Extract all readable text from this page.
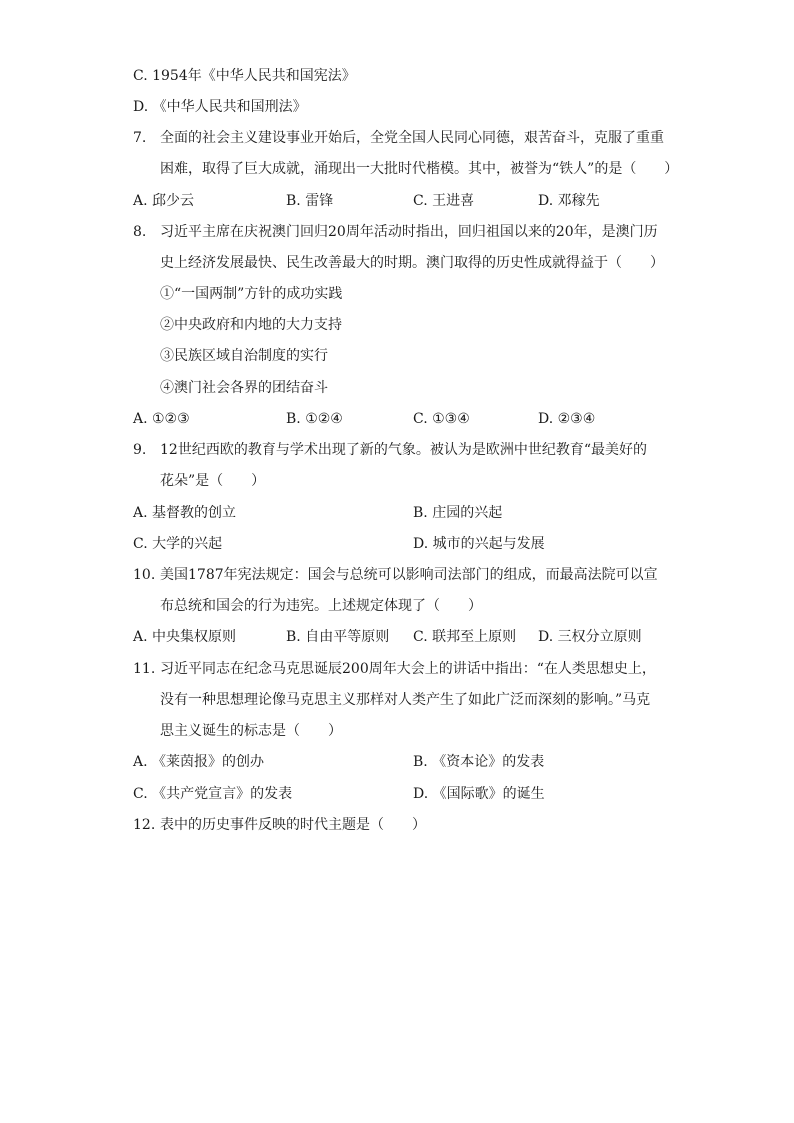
C. 1954年《中华人民共和国宪法》
D. 《中华人民共和国刑法》
7. 全面的社会主义建设事业开始后，全党全国人民同心同德，艰苦奋斗，克服了重重
困难，取得了巨大成就，涌现出一大批时代楷模。其中，被誉为“铁人”的是（　　）
A. 邱少云	B. 雷锋	C. 王进喜	D. 邓稼先
8. 习近平主席在庆祝澳门回归20周年活动时指出，回归祖国以来的20年，是澳门历
史上经济发展最快、民生改善最大的时期。澳门取得的历史性成就得益于（　　）
①“一国两制”方针的成功实践
②中央政府和内地的大力支持
③民族区域自治制度的实行
④澳门社会各界的团结奋斗
A. ①②③	B. ①②④	C. ①③④	D. ②③④
9. 12世纪西欧的教育与学术出现了新的气象。被认为是欧洲中世纪教育“最美好的
花朵”是（　　）
A. 基督教的创立	B. 庄园的兴起
C. 大学的兴起	D. 城市的兴起与发展
10. 美国1787年宪法规定：国会与总统可以影响司法部门的组成，而最高法院可以宣
布总统和国会的行为违宪。上述规定体现了（　　）
A. 中央集权原则	B. 自由平等原则 C. 联邦至上原则 D. 三权分立原则
11. 习近平同志在纪念马克思诞辰200周年大会上的讲话中指出：“在人类思想史上，
没有一种思想理论像马克思主义那样对人类产生了如此广泛而深刻的影响。”马克
思主义诞生的标志是（　　）
A. 《莱茵报》的创办	B. 《资本论》的发表
C. 《共产党宣言》的发表	D. 《国际歌》的诞生
12. 表中的历史事件反映的时代主题是（　　）
